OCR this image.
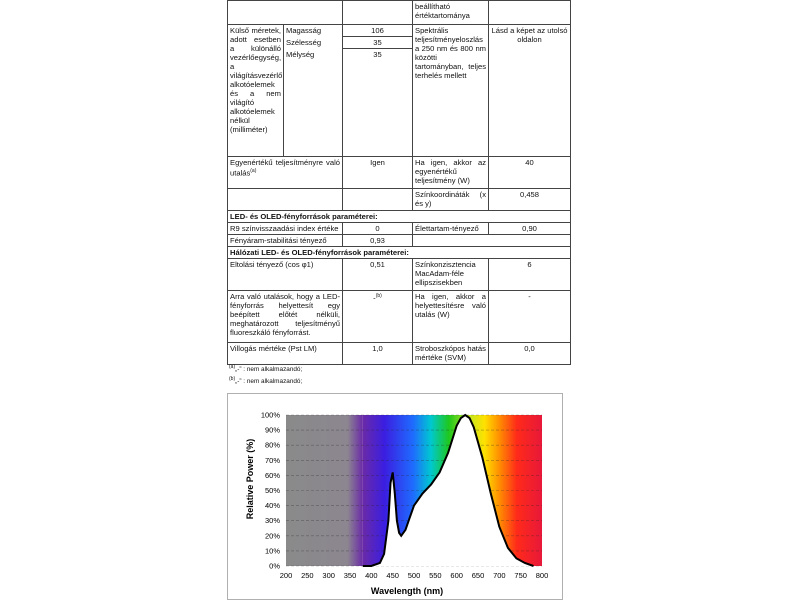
			beállítható értéktartománya	
Külső méretek, adott esetben a különálló vezérlőegység, a világításvezérlő alkotóelemek és a nem világító alkotóelemek nélkül (milliméter)	Magasság	106	Spektrális teljesítményeloszlás a 250 nm és 800 nm közötti tartományban, teljes terhelés mellett	Lásd a képet az utolsó oldalon
	Szélesség	35		
	Mélység	35		
Egyenértékű teljesítményre való utalás$^{(a)}$		Igen	Ha igen, akkor az egyenértékű teljesítmény (W)	40
			Színkoordináták (x és y)	0,458
LED- és OLED-fényforrások paraméterei:				
R9 színvisszaadási index értéke		0	Élettartam-tényező	0,90
Fényáram-stabilitási tényező		0,93		
Hálózati LED- és OLED-fényforrások paraméterei:				
Eltolási tényező (cos φ1)		0,51	Színkonzisztencia MacAdam-féle ellipszisekben	6
Arra való utalások, hogy a LED-fényforrás helyettesít egy beépített előtét nélküli, meghatározott teljesítményű fluoreszkáló fényforrást.		-$^{(b)}$	Ha igen, akkor a helyettesítésre való utalás (W)	-
Villogás mértéke (Pst LM)		1,0	Stroboszkópos hatás mértéke (SVM)	0,0
$^{(a)}$„-” : nem alkalmazandó;
$^{(b)}$„-” : nem alkalmazandó;
200 250 300 350 400 450 500 550 600 650 700 750 800
0%
10%
20%
30%
40%
50%
60%
70%
80%
90%
100%
Wavelength (nm)
Relative Power (%)
